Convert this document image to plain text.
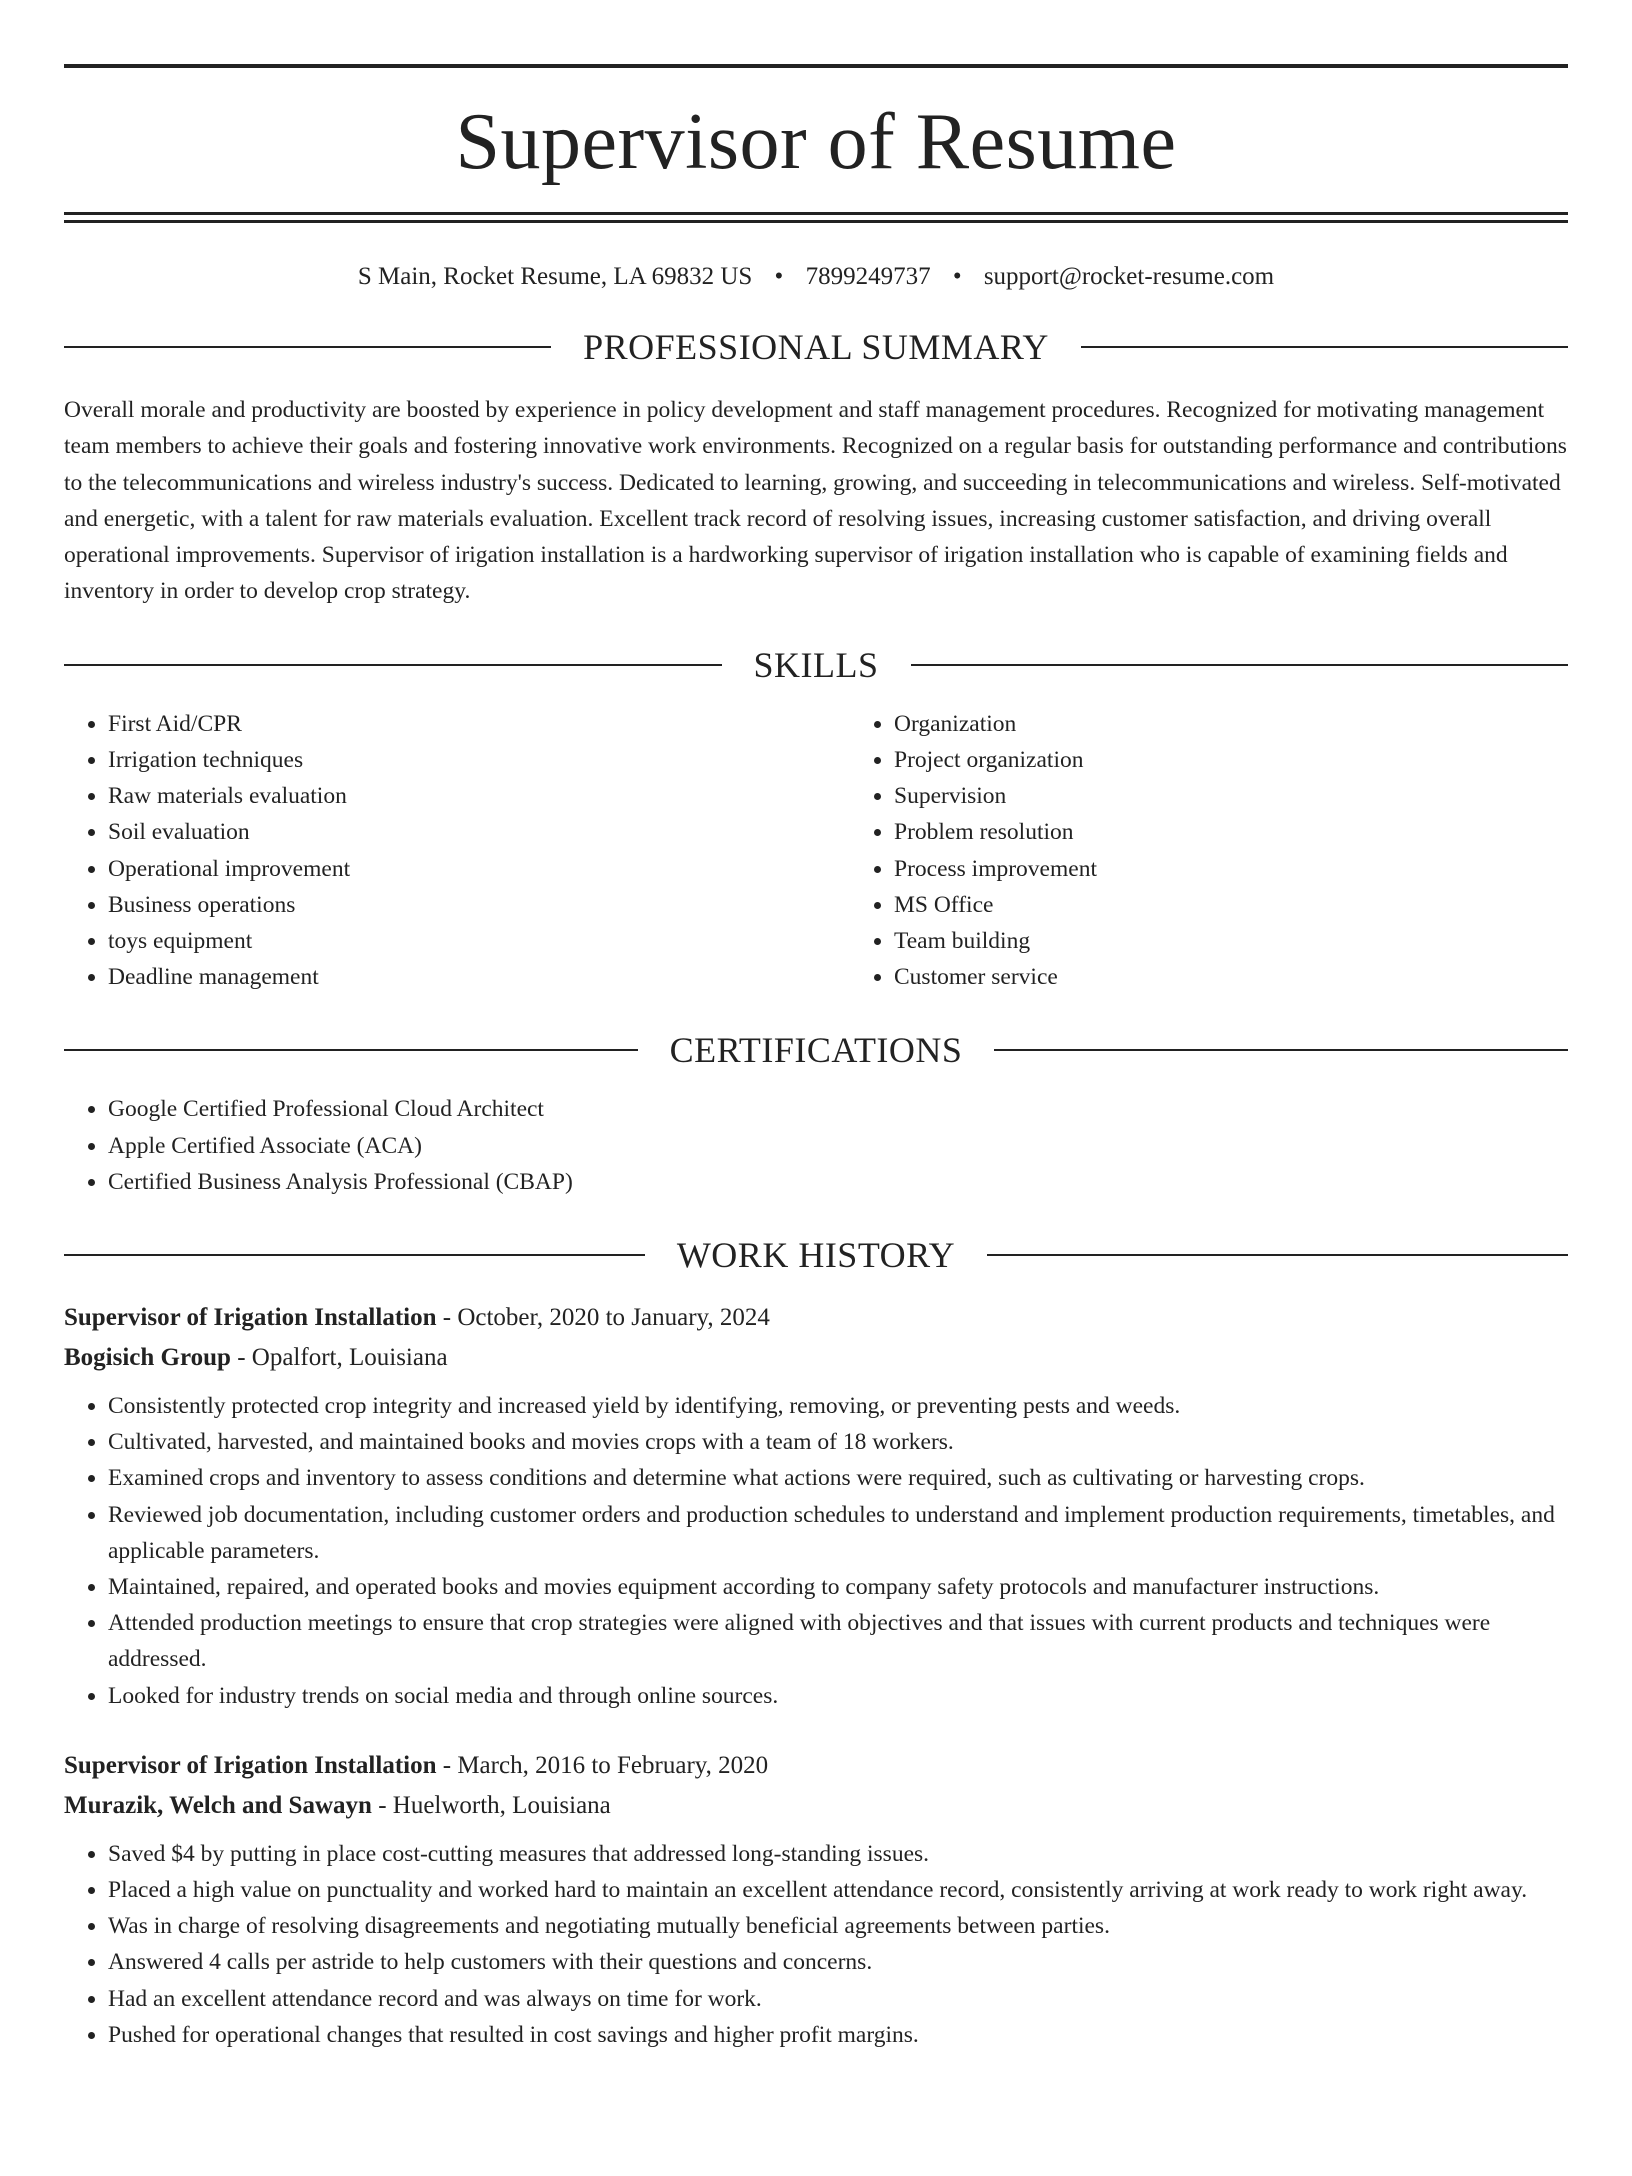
Supervisor of Resume
S Main, Rocket Resume, LA 69832 US • 7899249737 • support@rocket-resume.com
PROFESSIONAL SUMMARY

Overall morale and productivity are boosted by experience in policy development and staff management procedures. Recognized for motivating management team members to achieve their goals and fostering innovative work environments. Recognized on a regular basis for outstanding performance and contributions to the telecommunications and wireless industry's success. Dedicated to learning, growing, and succeeding in telecommunications and wireless. Self-motivated and energetic, with a talent for raw materials evaluation. Excellent track record of resolving issues, increasing customer satisfaction, and driving overall operational improvements. Supervisor of irigation installation is a hardworking supervisor of irigation installation who is capable of examining fields and inventory in order to develop crop strategy.

SKILLS
• First Aid/CPR
• Irrigation techniques
• Raw materials evaluation
• Soil evaluation
• Operational improvement
• Business operations
• toys equipment
• Deadline management
• Organization
• Project organization
• Supervision
• Problem resolution
• Process improvement
• MS Office
• Team building
• Customer service
CERTIFICATIONS
• Google Certified Professional Cloud Architect
• Apple Certified Associate (ACA)
• Certified Business Analysis Professional (CBAP)
WORK HISTORY
Supervisor of Irigation Installation - October, 2020 to January, 2024
Bogisich Group - Opalfort, Louisiana
• Consistently protected crop integrity and increased yield by identifying, removing, or preventing pests and weeds.
• Cultivated, harvested, and maintained books and movies crops with a team of 18 workers.
• Examined crops and inventory to assess conditions and determine what actions were required, such as cultivating or harvesting crops.
• Reviewed job documentation, including customer orders and production schedules to understand and implement production requirements, timetables, and applicable parameters.
• Maintained, repaired, and operated books and movies equipment according to company safety protocols and manufacturer instructions.
• Attended production meetings to ensure that crop strategies were aligned with objectives and that issues with current products and techniques were addressed.
• Looked for industry trends on social media and through online sources.
Supervisor of Irigation Installation - March, 2016 to February, 2020
Murazik, Welch and Sawayn - Huelworth, Louisiana
• Saved $4 by putting in place cost-cutting measures that addressed long-standing issues.
• Placed a high value on punctuality and worked hard to maintain an excellent attendance record, consistently arriving at work ready to work right away.
• Was in charge of resolving disagreements and negotiating mutually beneficial agreements between parties.
• Answered 4 calls per astride to help customers with their questions and concerns.
• Had an excellent attendance record and was always on time for work.
• Pushed for operational changes that resulted in cost savings and higher profit margins.
